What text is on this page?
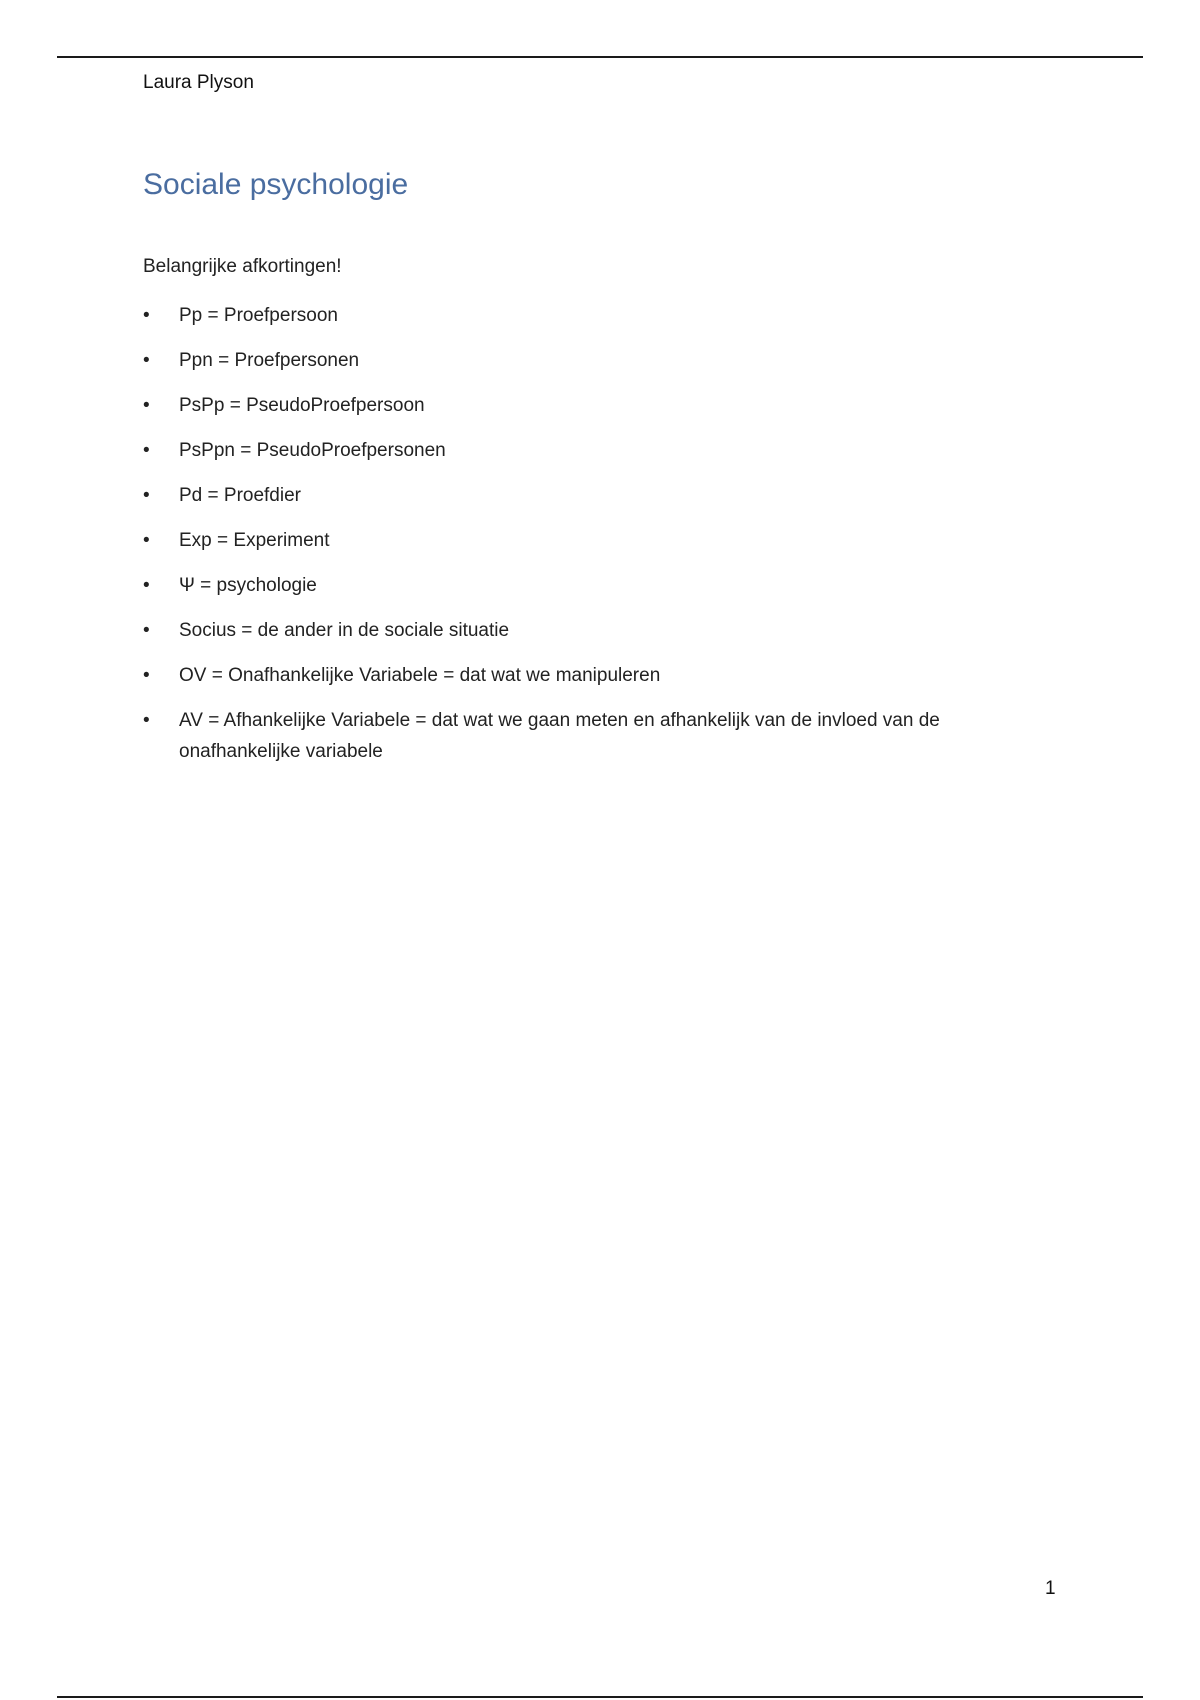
Laura Plyson
Sociale psychologie
Belangrijke afkortingen!
• Pp = Proefpersoon
• Ppn = Proefpersonen
• PsPp = PseudoProefpersoon
• PsPpn = PseudoProefpersonen
• Pd = Proefdier
• Exp = Experiment
• Ψ = psychologie
• Socius = de ander in de sociale situatie
• OV = Onafhankelijke Variabele = dat wat we manipuleren
• AV = Afhankelijke Variabele = dat wat we gaan meten en afhankelijk van de invloed van de onafhankelijke variabele
1
